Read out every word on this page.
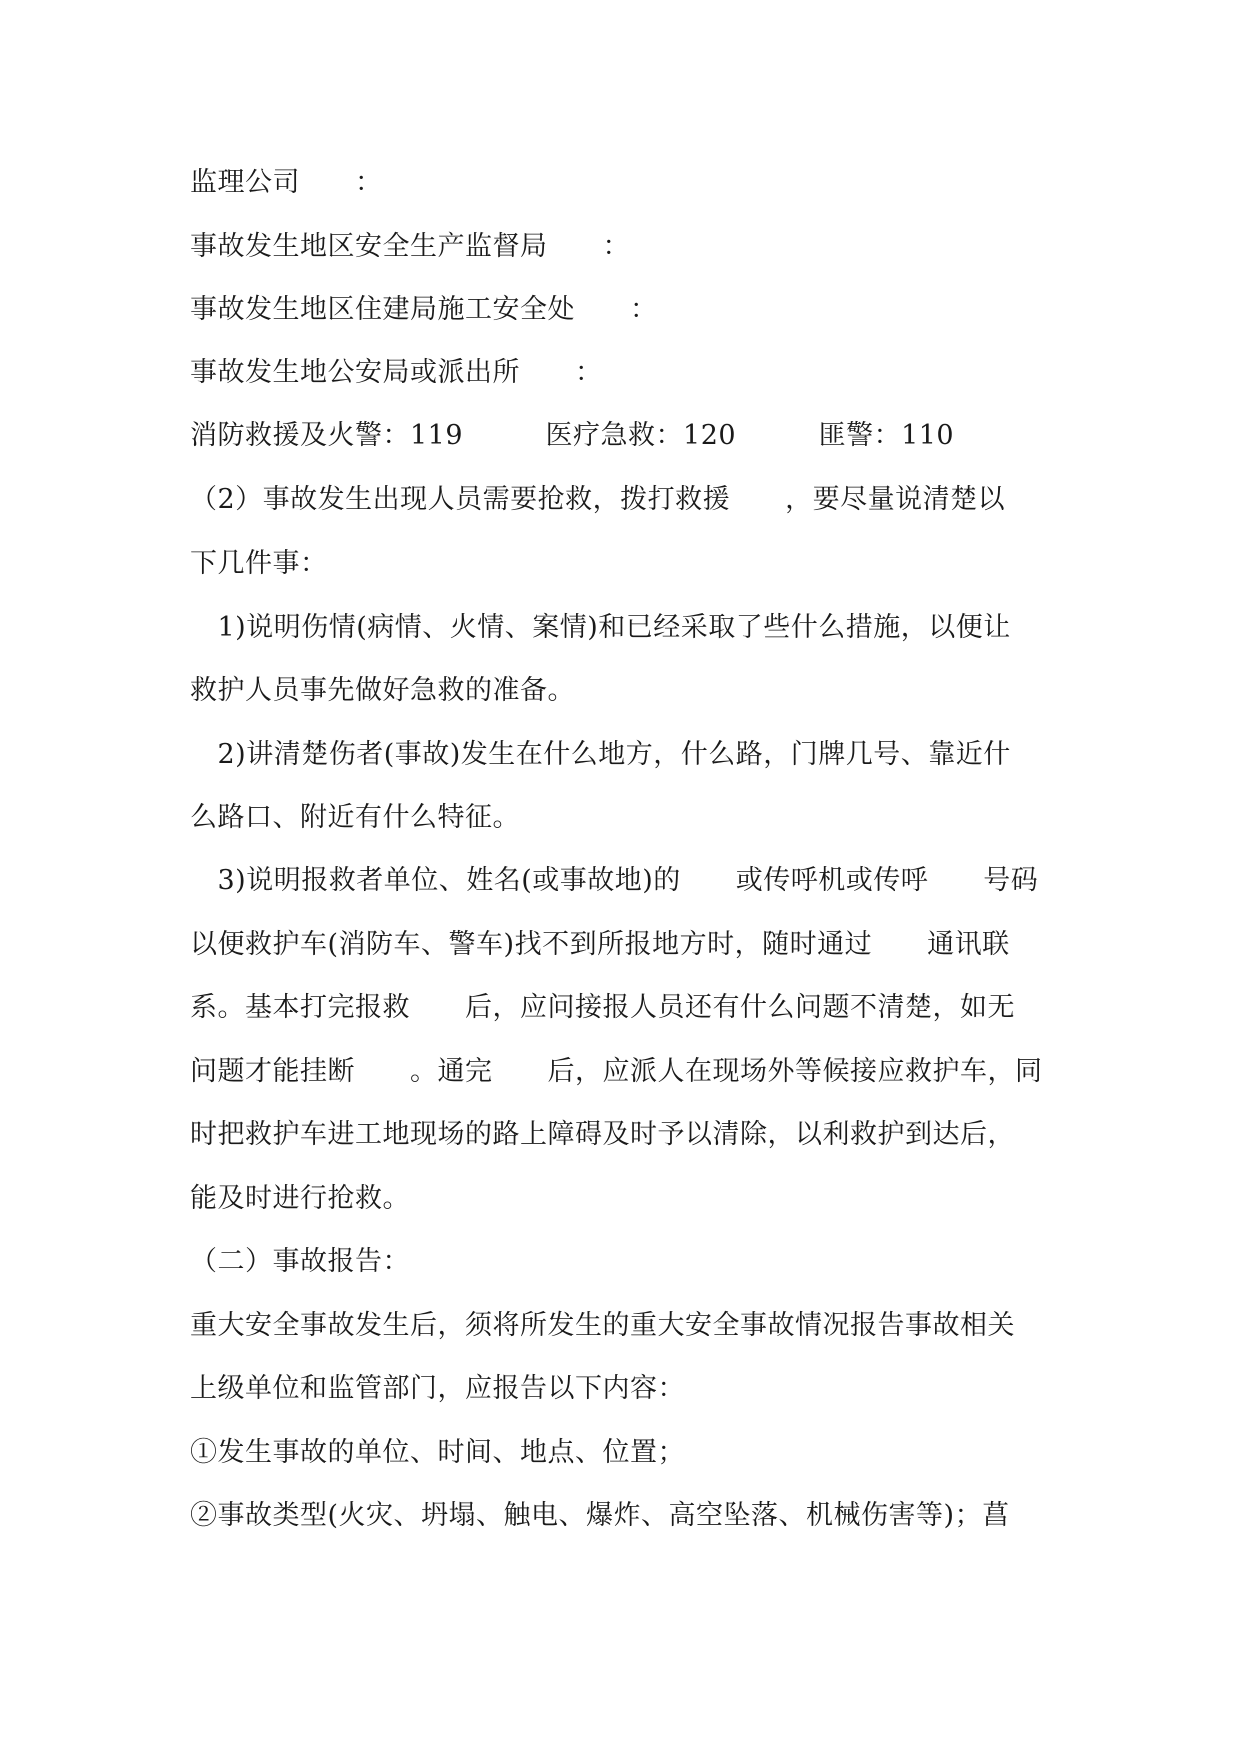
监理公司　　：
事故发生地区安全生产监督局　　：
事故发生地区住建局施工安全处　　：
事故发生地公安局或派出所　　：
消防救援及火警：119　　　医疗急救：120　　　匪警：110
（2）事故发生出现人员需要抢救，拨打救援　　，要尽量说清楚以
下几件事：
　1)说明伤情(病情、火情、案情)和已经采取了些什么措施，以便让
救护人员事先做好急救的准备。
　2)讲清楚伤者(事故)发生在什么地方，什么路，门牌几号、靠近什
么路口、附近有什么特征。
　3)说明报救者单位、姓名(或事故地)的　　或传呼机或传呼　　号码
以便救护车(消防车、警车)找不到所报地方时，随时通过　　通讯联
系。基本打完报救　　后，应问接报人员还有什么问题不清楚，如无
问题才能挂断　　。通完　　后，应派人在现场外等候接应救护车，同
时把救护车进工地现场的路上障碍及时予以清除，以利救护到达后，
能及时进行抢救。
（二）事故报告：
重大安全事故发生后，须将所发生的重大安全事故情况报告事故相关
上级单位和监管部门，应报告以下内容：
①发生事故的单位、时间、地点、位置；
②事故类型(火灾、坍塌、触电、爆炸、高空坠落、机械伤害等)；菖
